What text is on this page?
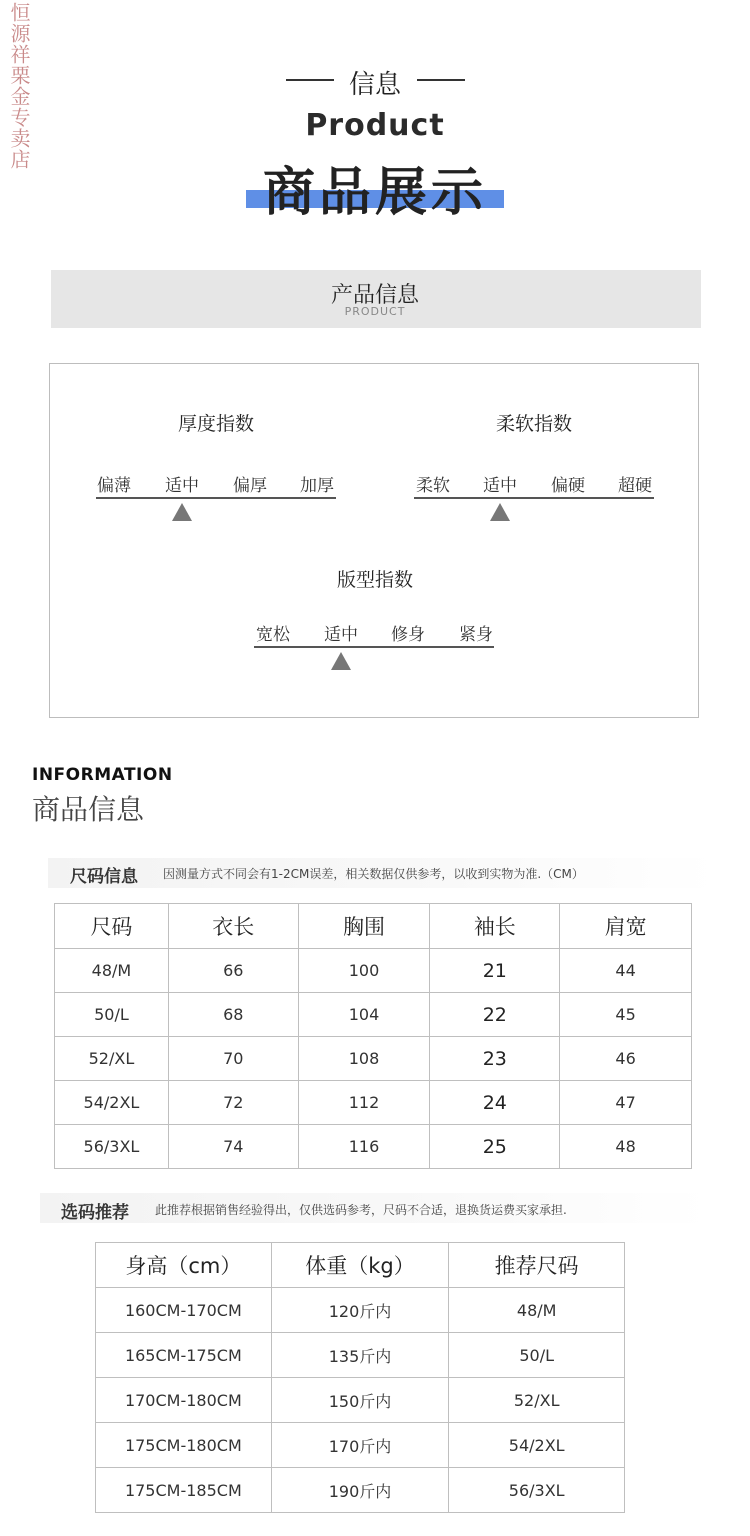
恒源祥栗金专卖店	信息
Product
商品展示
产品信息
PRODUCT
厚度指数
偏薄	适中	偏厚	加厚
柔软指数
柔软	适中	偏硬	超硬
版型指数
宽松	适中	修身	紧身
INFORMATION
商品信息
尺码信息 因测量方式不同会有1-2CM误差，相关数据仅供参考，以收到实物为准.（CM）
尺码	衣长	胸围	袖长	肩宽
48/M	66	100	21	44
50/L	68	104	22	45
52/XL	70	108	23	46
54/2XL	72	112	24	47
56/3XL	74	116	25	48
选码推荐 此推荐根据销售经验得出，仅供选码参考，尺码不合适，退换货运费买家承担.
身高（cm）	体重（kg）	推荐尺码
160CM-170CM	120斤内	48/M
165CM-175CM	135斤内	50/L
170CM-180CM	150斤内	52/XL
175CM-180CM	170斤内	54/2XL
175CM-185CM	190斤内	56/3XL
